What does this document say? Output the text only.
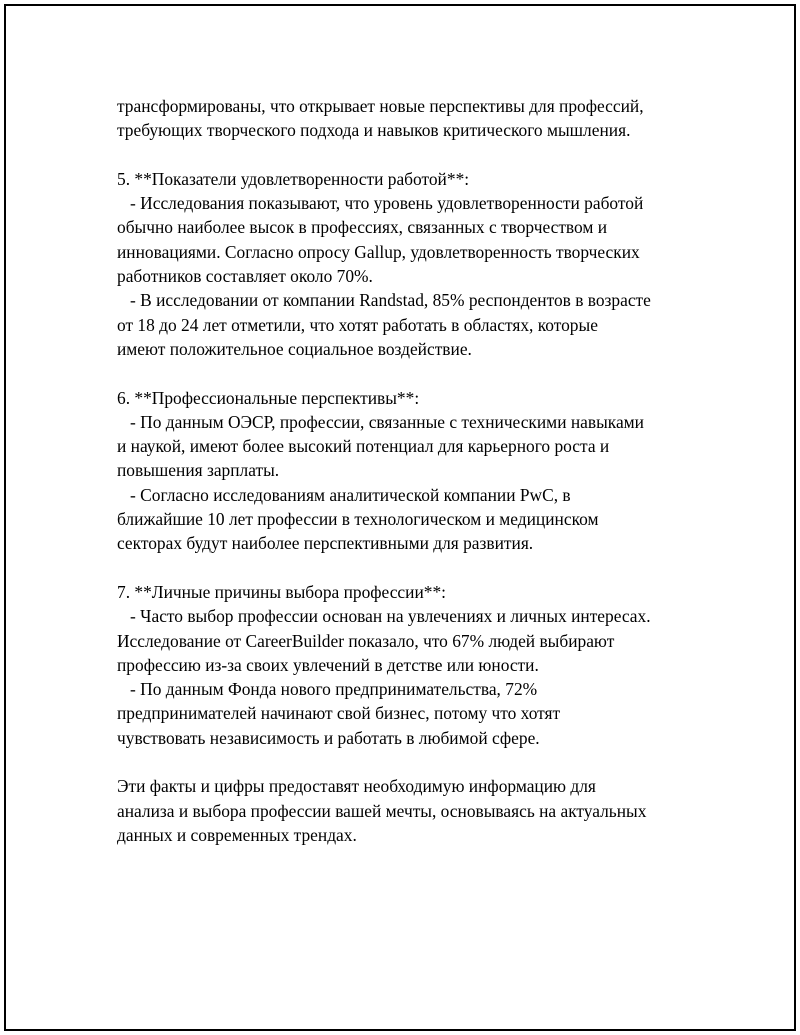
трансформированы, что открывает новые перспективы для профессий,
требующих творческого подхода и навыков критического мышления.
5. **Показатели удовлетворенности работой**:
- Исследования показывают, что уровень удовлетворенности работой
обычно наиболее высок в профессиях, связанных с творчеством и
инновациями. Согласно опросу Gallup, удовлетворенность творческих
работников составляет около 70%.
- В исследовании от компании Randstad, 85% респондентов в возрасте
от 18 до 24 лет отметили, что хотят работать в областях, которые
имеют положительное социальное воздействие.
6. **Профессиональные перспективы**:
- По данным ОЭСР, профессии, связанные с техническими навыками
и наукой, имеют более высокий потенциал для карьерного роста и
повышения зарплаты.
- Согласно исследованиям аналитической компании PwC, в
ближайшие 10 лет профессии в технологическом и медицинском
секторах будут наиболее перспективными для развития.
7. **Личные причины выбора профессии**:
- Часто выбор профессии основан на увлечениях и личных интересах.
Исследование от CareerBuilder показало, что 67% людей выбирают
профессию из-за своих увлечений в детстве или юности.
- По данным Фонда нового предпринимательства, 72%
предпринимателей начинают свой бизнес, потому что хотят
чувствовать независимость и работать в любимой сфере.
Эти факты и цифры предоставят необходимую информацию для
анализа и выбора профессии вашей мечты, основываясь на актуальных
данных и современных трендах.
